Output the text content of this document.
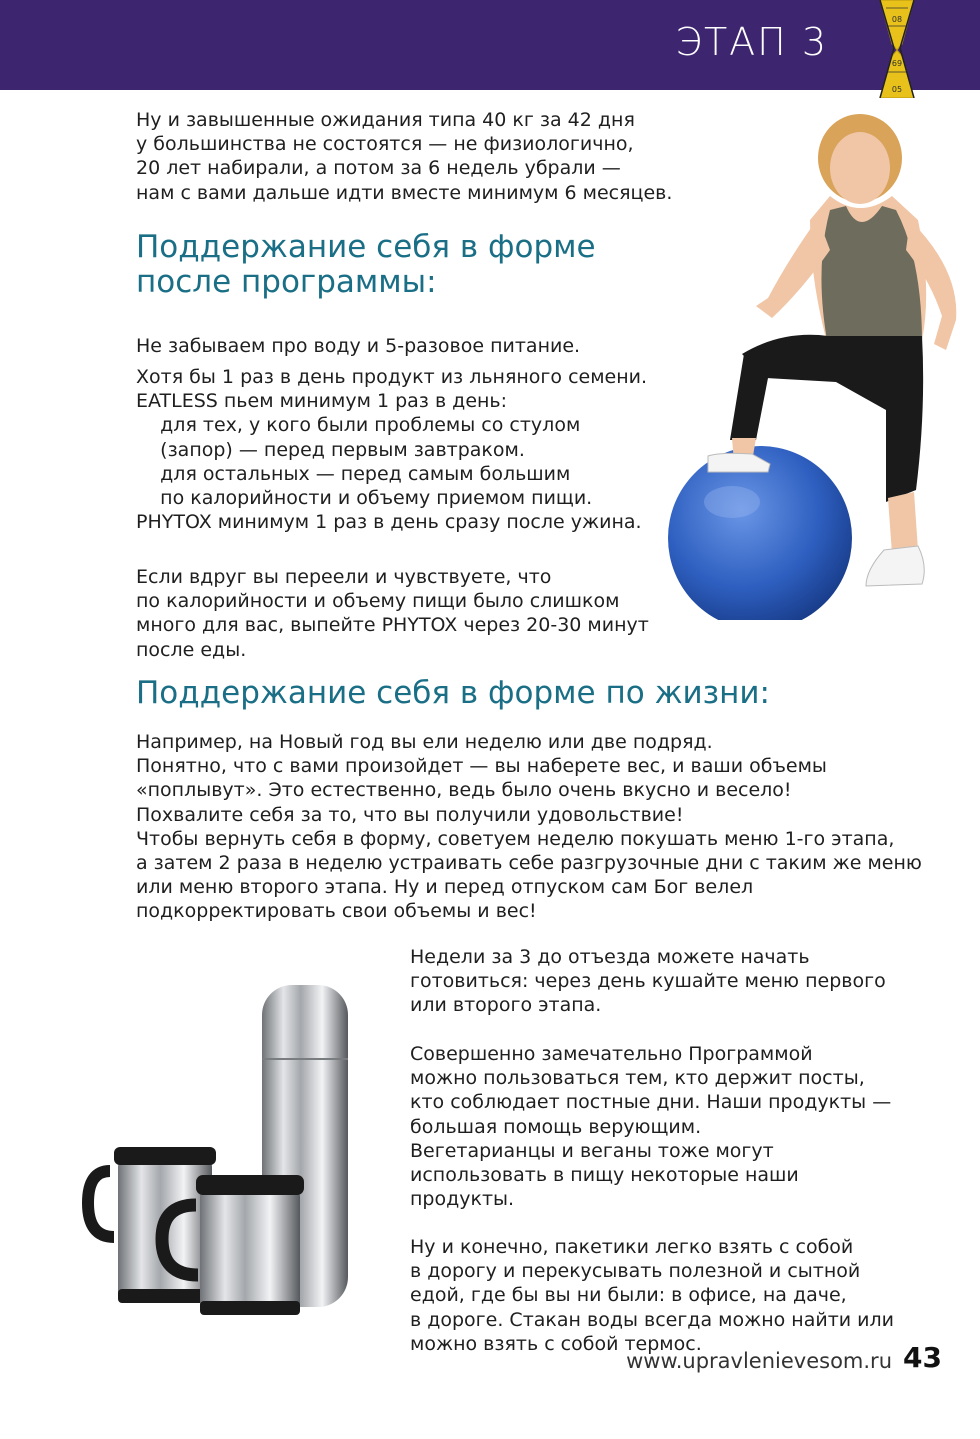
ЭТАП 3
08
69
05

Ну и завышенные ожидания типа 40 кг за 42 дня
у большинства не состоятся — не физиологично,
20 лет набирали, а потом за 6 недель убрали —
нам с вами дальше идти вместе минимум 6 месяцев.

Поддержание себя в форме
после программы:

Не забываем про воду и 5-разовое питание.

Хотя бы 1 раз в день продукт из льняного семени.
EATLESS пьем минимум 1 раз в день:
для тех, у кого были проблемы со стулом
(запор) — перед первым завтраком.
для остальных — перед самым большим
по калорийности и объему приемом пищи.
PHYTOX минимум 1 раз в день сразу после ужина.

Если вдруг вы переели и чувствуете, что
по калорийности и объему пищи было слишком
много для вас, выпейте PHYTOX через 20-30 минут
после еды.

Поддержание себя в форме по жизни:

Например, на Новый год вы ели неделю или две подряд.
Понятно, что с вами произойдет — вы наберете вес, и ваши объемы
«поплывут». Это естественно, ведь было очень вкусно и весело!
Похвалите себя за то, что вы получили удовольствие!
Чтобы вернуть себя в форму, советуем неделю покушать меню 1-го этапа,
а затем 2 раза в неделю устраивать себе разгрузочные дни с таким же меню
или меню второго этапа. Ну и перед отпуском сам Бог велел
подкорректировать свои объемы и вес!

Недели за 3 до отъезда можете начать
готовиться: через день кушайте меню первого
или второго этапа.

Совершенно замечательно Программой
можно пользоваться тем, кто держит посты,
кто соблюдает постные дни. Наши продукты —
большая помощь верующим.
Вегетарианцы и веганы тоже могут
использовать в пищу некоторые наши
продукты.

Ну и конечно, пакетики легко взять с собой
в дорогу и перекусывать полезной и сытной
едой, где бы вы ни были: в офисе, на даче,
в дороге. Стакан воды всегда можно найти или
можно взять с собой термос.

www.upravlenievesom.ru 43
